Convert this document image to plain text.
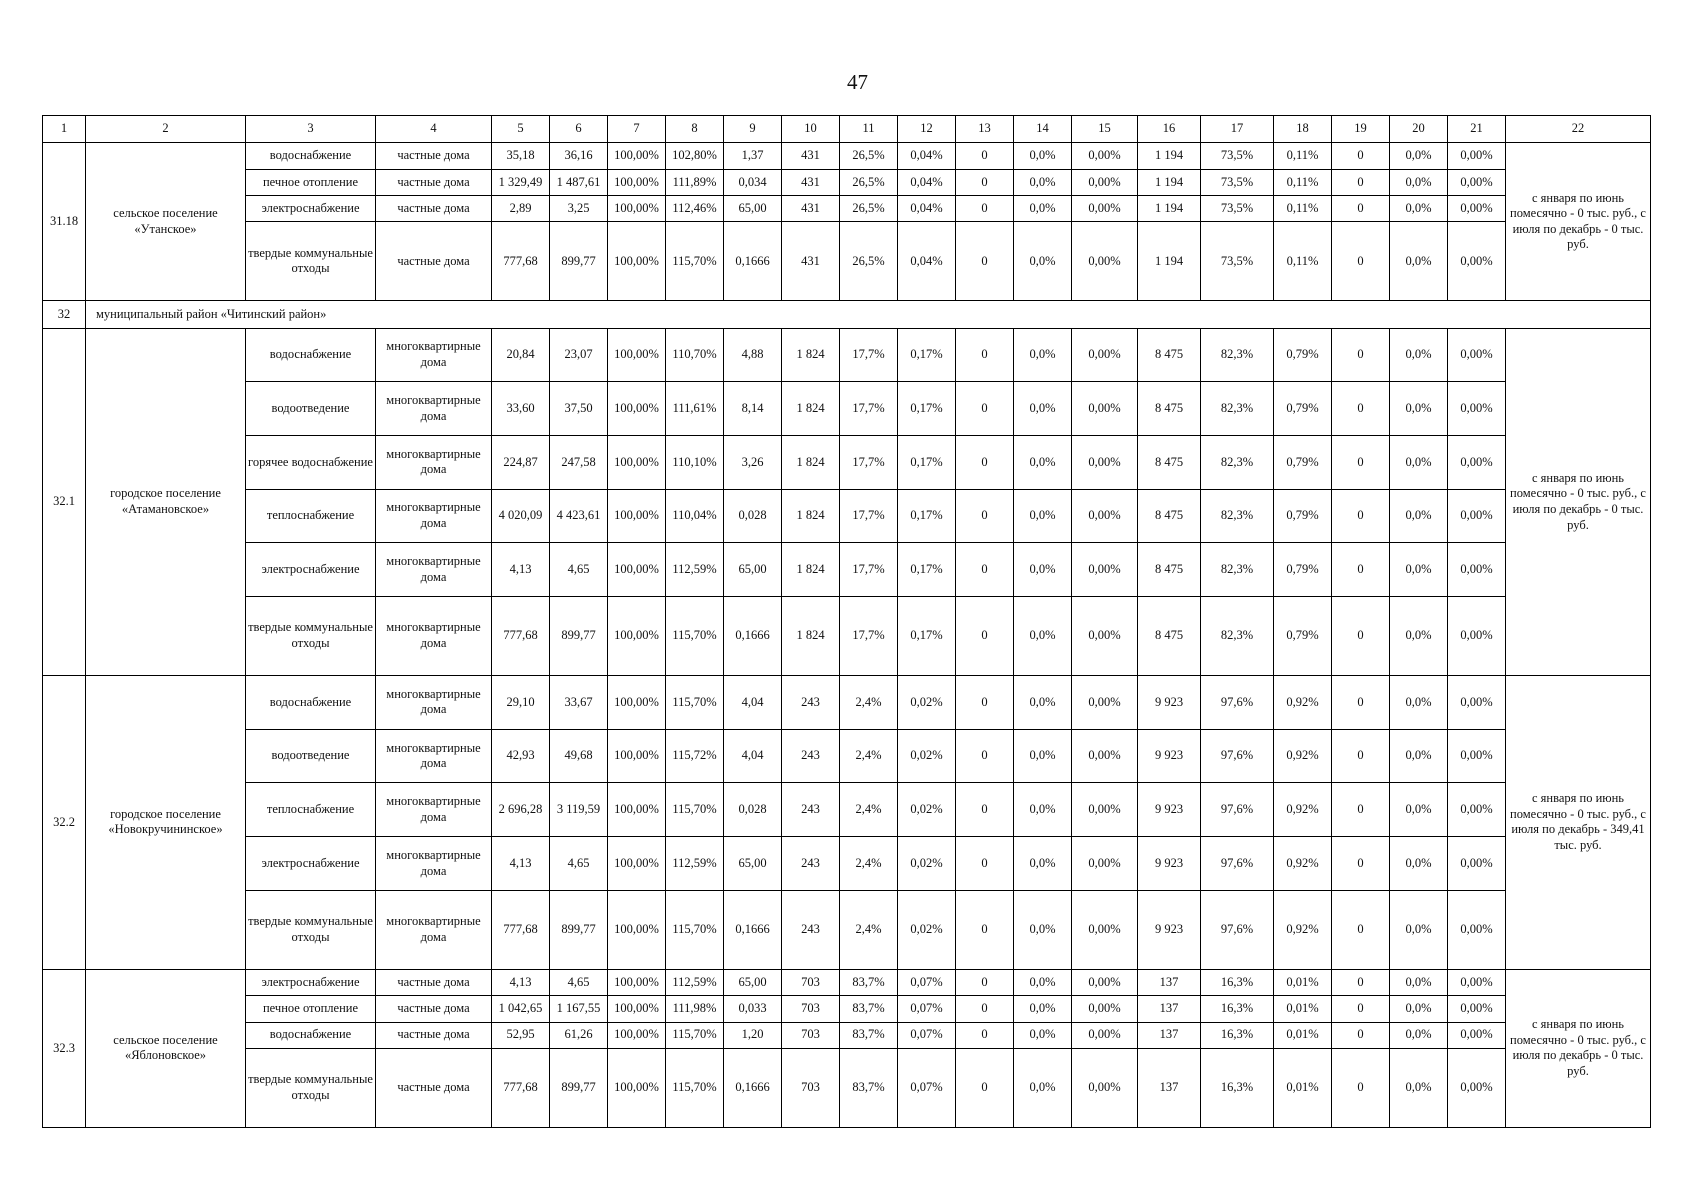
47
1	2	3	4	5	6	7	8	9	10	11	12	13	14	15	16	17	18	19	20	21	22
31.18	сельское поселение «Утанское»	водоснабжение	частные дома	35,18	36,16	100,00%	102,80%	1,37	431	26,5%	0,04%	0	0,0%	0,00%	1 194	73,5%	0,11%	0	0,0%	0,00%	с января по июнь помесячно - 0 тыс. руб., с июля по декабрь - 0 тыс. руб.
		печное отопление	частные дома	1 329,49	1 487,61	100,00%	111,89%	0,034	431	26,5%	0,04%	0	0,0%	0,00%	1 194	73,5%	0,11%	0	0,0%	0,00%	
		электроснабжение	частные дома	2,89	3,25	100,00%	112,46%	65,00	431	26,5%	0,04%	0	0,0%	0,00%	1 194	73,5%	0,11%	0	0,0%	0,00%	
		твердые коммунальные отходы	частные дома	777,68	899,77	100,00%	115,70%	0,1666	431	26,5%	0,04%	0	0,0%	0,00%	1 194	73,5%	0,11%	0	0,0%	0,00%	
32	муниципальный район «Читинский район»																				
32.1	городское поселение «Атамановское»	водоснабжение	многоквартирные дома	20,84	23,07	100,00%	110,70%	4,88	1 824	17,7%	0,17%	0	0,0%	0,00%	8 475	82,3%	0,79%	0	0,0%	0,00%	с января по июнь помесячно - 0 тыс. руб., с июля по декабрь - 0 тыс. руб.
		водоотведение	многоквартирные дома	33,60	37,50	100,00%	111,61%	8,14	1 824	17,7%	0,17%	0	0,0%	0,00%	8 475	82,3%	0,79%	0	0,0%	0,00%	
		горячее водоснабжение	многоквартирные дома	224,87	247,58	100,00%	110,10%	3,26	1 824	17,7%	0,17%	0	0,0%	0,00%	8 475	82,3%	0,79%	0	0,0%	0,00%	
		теплоснабжение	многоквартирные дома	4 020,09	4 423,61	100,00%	110,04%	0,028	1 824	17,7%	0,17%	0	0,0%	0,00%	8 475	82,3%	0,79%	0	0,0%	0,00%	
		электроснабжение	многоквартирные дома	4,13	4,65	100,00%	112,59%	65,00	1 824	17,7%	0,17%	0	0,0%	0,00%	8 475	82,3%	0,79%	0	0,0%	0,00%	
		твердые коммунальные отходы	многоквартирные дома	777,68	899,77	100,00%	115,70%	0,1666	1 824	17,7%	0,17%	0	0,0%	0,00%	8 475	82,3%	0,79%	0	0,0%	0,00%	
32.2	городское поселение «Новокручининское»	водоснабжение	многоквартирные дома	29,10	33,67	100,00%	115,70%	4,04	243	2,4%	0,02%	0	0,0%	0,00%	9 923	97,6%	0,92%	0	0,0%	0,00%	с января по июнь помесячно - 0 тыс. руб., с июля по декабрь - 349,41 тыс. руб.
		водоотведение	многоквартирные дома	42,93	49,68	100,00%	115,72%	4,04	243	2,4%	0,02%	0	0,0%	0,00%	9 923	97,6%	0,92%	0	0,0%	0,00%	
		теплоснабжение	многоквартирные дома	2 696,28	3 119,59	100,00%	115,70%	0,028	243	2,4%	0,02%	0	0,0%	0,00%	9 923	97,6%	0,92%	0	0,0%	0,00%	
		электроснабжение	многоквартирные дома	4,13	4,65	100,00%	112,59%	65,00	243	2,4%	0,02%	0	0,0%	0,00%	9 923	97,6%	0,92%	0	0,0%	0,00%	
		твердые коммунальные отходы	многоквартирные дома	777,68	899,77	100,00%	115,70%	0,1666	243	2,4%	0,02%	0	0,0%	0,00%	9 923	97,6%	0,92%	0	0,0%	0,00%	
32.3	сельское поселение «Яблоновское»	электроснабжение	частные дома	4,13	4,65	100,00%	112,59%	65,00	703	83,7%	0,07%	0	0,0%	0,00%	137	16,3%	0,01%	0	0,0%	0,00%	с января по июнь помесячно - 0 тыс. руб., с июля по декабрь - 0 тыс. руб.
		печное отопление	частные дома	1 042,65	1 167,55	100,00%	111,98%	0,033	703	83,7%	0,07%	0	0,0%	0,00%	137	16,3%	0,01%	0	0,0%	0,00%	
		водоснабжение	частные дома	52,95	61,26	100,00%	115,70%	1,20	703	83,7%	0,07%	0	0,0%	0,00%	137	16,3%	0,01%	0	0,0%	0,00%	
		твердые коммунальные отходы	частные дома	777,68	899,77	100,00%	115,70%	0,1666	703	83,7%	0,07%	0	0,0%	0,00%	137	16,3%	0,01%	0	0,0%	0,00%	
